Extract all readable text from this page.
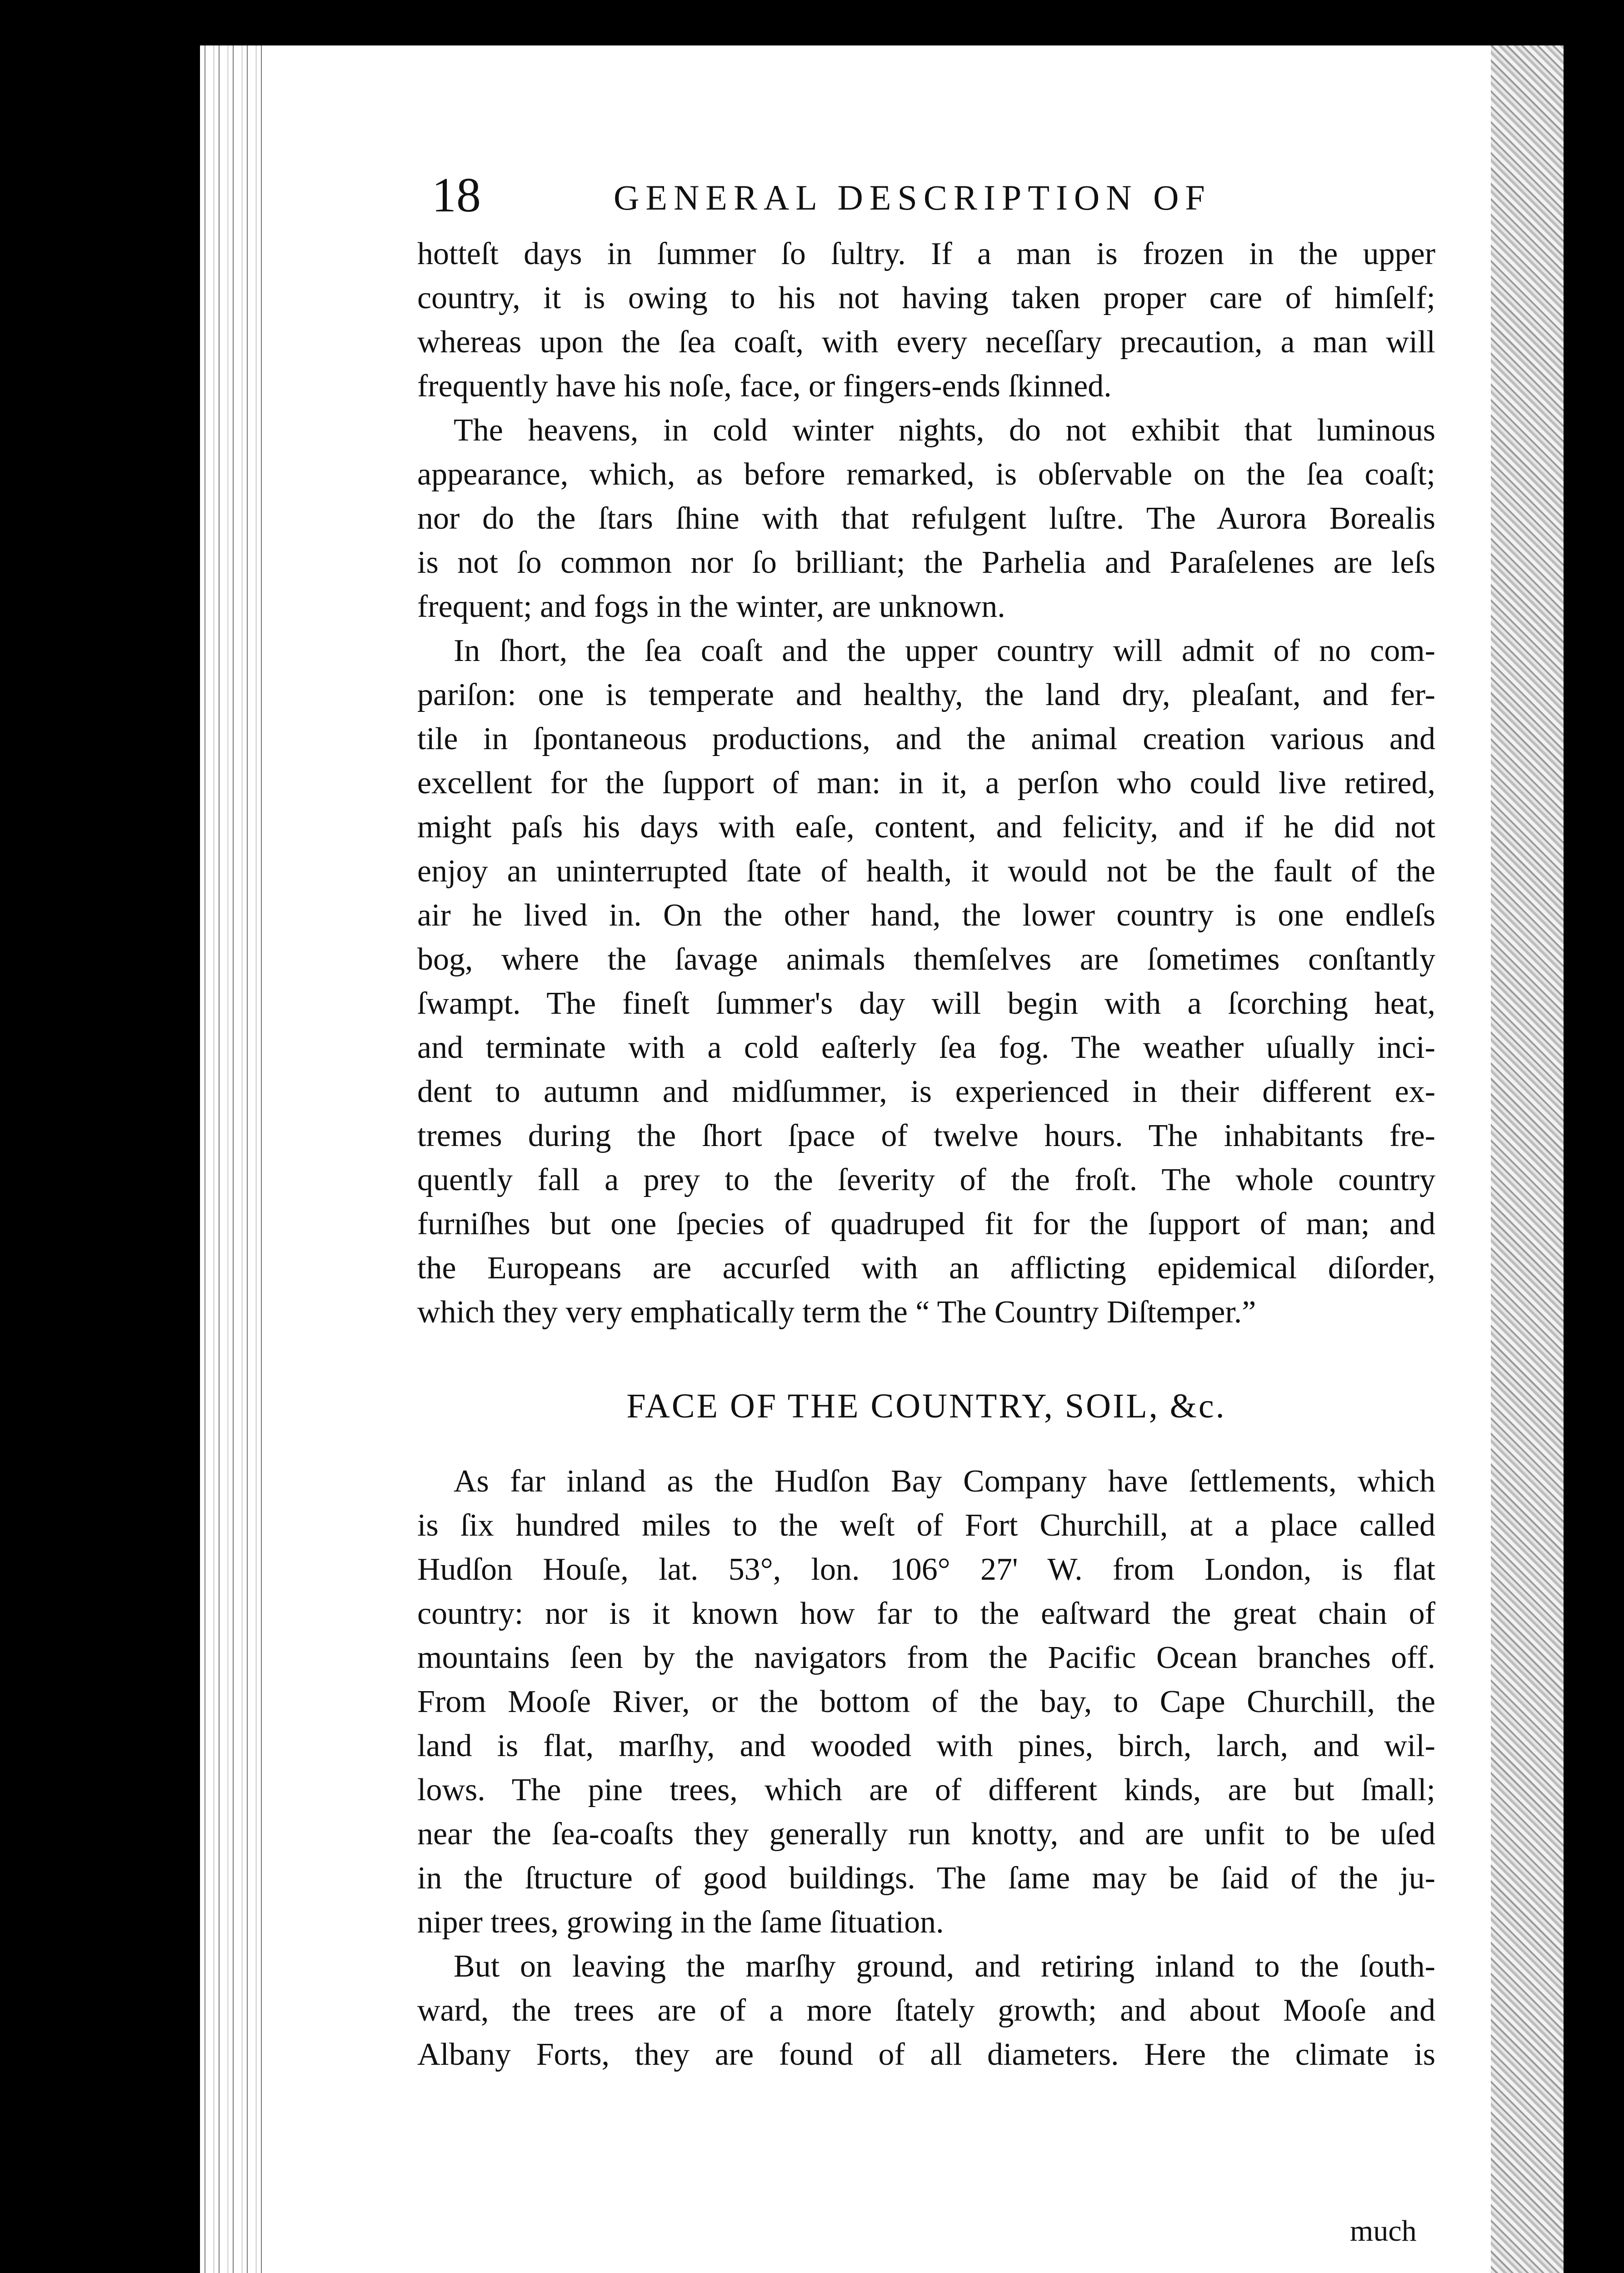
18	GENERAL DESCRIPTION OF
hotteſt days in ſummer ſo ſultry. If a man is frozen in the upper
country, it is owing to his not having taken proper care of himſelf;
whereas upon the ſea coaſt, with every neceſſary precaution, a man will
frequently have his noſe, face, or fingers-ends ſkinned.
The heavens, in cold winter nights, do not exhibit that luminous
appearance, which, as before remarked, is obſervable on the ſea coaſt;
nor do the ſtars ſhine with that refulgent luſtre. The Aurora Borealis
is not ſo common nor ſo brilliant; the Parhelia and Paraſelenes are leſs
frequent; and fogs in the winter, are unknown.
In ſhort, the ſea coaſt and the upper country will admit of no com-
pariſon: one is temperate and healthy, the land dry, pleaſant, and fer-
tile in ſpontaneous productions, and the animal creation various and
excellent for the ſupport of man: in it, a perſon who could live retired,
might paſs his days with eaſe, content, and felicity, and if he did not
enjoy an uninterrupted ſtate of health, it would not be the fault of the
air he lived in. On the other hand, the lower country is one endleſs
bog, where the ſavage animals themſelves are ſometimes conſtantly
ſwampt. The fineſt ſummer's day will begin with a ſcorching heat,
and terminate with a cold eaſterly ſea fog. The weather uſually inci-
dent to autumn and midſummer, is experienced in their different ex-
tremes during the ſhort ſpace of twelve hours. The inhabitants fre-
quently fall a prey to the ſeverity of the froſt. The whole country
furniſhes but one ſpecies of quadruped fit for the ſupport of man; and
the Europeans are accurſed with an afflicting epidemical diſorder,
which they very emphatically term the “ The Country Diſtemper.”
FACE OF THE COUNTRY, SOIL, &c.
As far inland as the Hudſon Bay Company have ſettlements, which
is ſix hundred miles to the weſt of Fort Churchill, at a place called
Hudſon Houſe, lat. 53°, lon. 106° 27' W. from London, is flat
country: nor is it known how far to the eaſtward the great chain of
mountains ſeen by the navigators from the Pacific Ocean branches off.
From Mooſe River, or the bottom of the bay, to Cape Churchill, the
land is flat, marſhy, and wooded with pines, birch, larch, and wil-
lows. The pine trees, which are of different kinds, are but ſmall;
near the ſea-coaſts they generally run knotty, and are unfit to be uſed
in the ſtructure of good buildings. The ſame may be ſaid of the ju-
niper trees, growing in the ſame ſituation.
But on leaving the marſhy ground, and retiring inland to the ſouth-
ward, the trees are of a more ſtately growth; and about Mooſe and
Albany Forts, they are found of all diameters. Here the climate is
much
